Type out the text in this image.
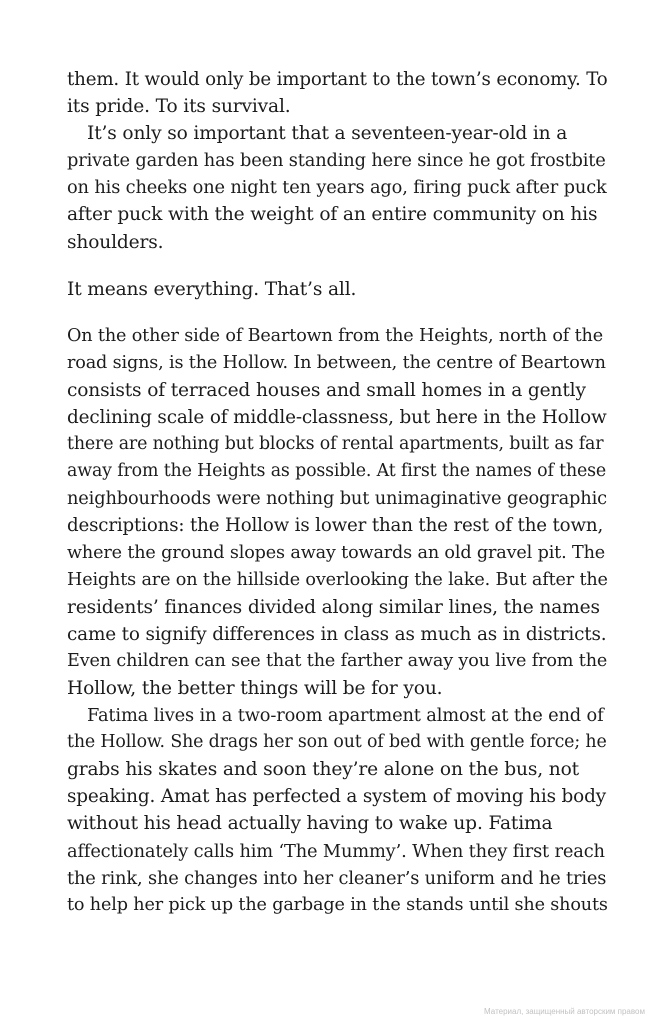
them. It would only be important to the town’s economy. To
its pride. To its survival.
It’s only so important that a seventeen-year-old in a
private garden has been standing here since he got frostbite
on his cheeks one night ten years ago, firing puck after puck
after puck with the weight of an entire community on his
shoulders.
It means everything. That’s all.
On the other side of Beartown from the Heights, north of the
road signs, is the Hollow. In between, the centre of Beartown
consists of terraced houses and small homes in a gently
declining scale of middle-classness, but here in the Hollow
there are nothing but blocks of rental apartments, built as far
away from the Heights as possible. At first the names of these
neighbourhoods were nothing but unimaginative geographic
descriptions: the Hollow is lower than the rest of the town,
where the ground slopes away towards an old gravel pit. The
Heights are on the hillside overlooking the lake. But after the
residents’ finances divided along similar lines, the names
came to signify differences in class as much as in districts.
Even children can see that the farther away you live from the
Hollow, the better things will be for you.
Fatima lives in a two-room apartment almost at the end of
the Hollow. She drags her son out of bed with gentle force; he
grabs his skates and soon they’re alone on the bus, not
speaking. Amat has perfected a system of moving his body
without his head actually having to wake up. Fatima
affectionately calls him ‘The Mummy’. When they first reach
the rink, she changes into her cleaner’s uniform and he tries
to help her pick up the garbage in the stands until she shouts
Материал, защищенный авторским правом
